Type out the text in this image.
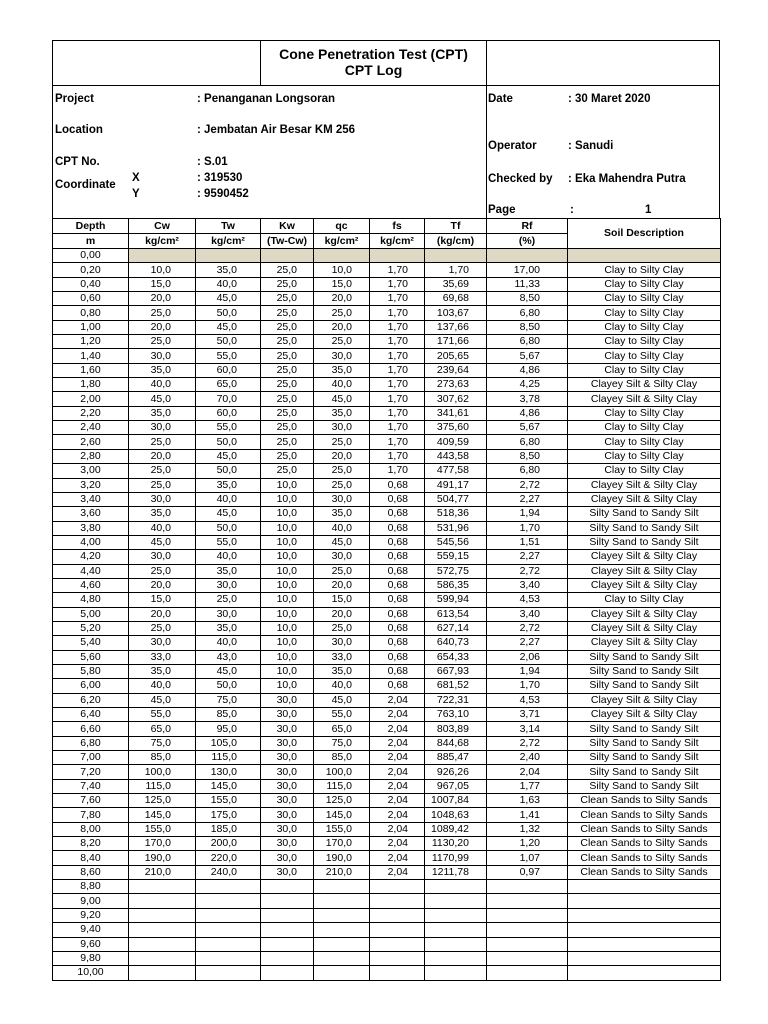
Cone Penetration Test (CPT)
CPT Log
Project	: Penanganan Longsoran
Location	: Jembatan Air Besar KM 256
CPT No.	: S.01
Coordinate
X	: 319530
Y	: 9590452
Date	: 30 Maret 2020
Operator	: Sanudi
Checked by : Eka Mahendra Putra
Page	:	1
Depth	Cw	Tw	Kw	qc	fs	Tf	Rf	Soil Description
m	kg/cm²	kg/cm²	(Tw-Cw)	kg/cm²	kg/cm²	(kg/cm)	(%)	
0,00								
0,20	10,0	35,0	25,0	10,0	1,70	1,70	17,00	Clay to Silty Clay
0,40	15,0	40,0	25,0	15,0	1,70	35,69	11,33	Clay to Silty Clay
0,60	20,0	45,0	25,0	20,0	1,70	69,68	8,50	Clay to Silty Clay
0,80	25,0	50,0	25,0	25,0	1,70	103,67	6,80	Clay to Silty Clay
1,00	20,0	45,0	25,0	20,0	1,70	137,66	8,50	Clay to Silty Clay
1,20	25,0	50,0	25,0	25,0	1,70	171,66	6,80	Clay to Silty Clay
1,40	30,0	55,0	25,0	30,0	1,70	205,65	5,67	Clay to Silty Clay
1,60	35,0	60,0	25,0	35,0	1,70	239,64	4,86	Clay to Silty Clay
1,80	40,0	65,0	25,0	40,0	1,70	273,63	4,25	Clayey Silt & Silty Clay
2,00	45,0	70,0	25,0	45,0	1,70	307,62	3,78	Clayey Silt & Silty Clay
2,20	35,0	60,0	25,0	35,0	1,70	341,61	4,86	Clay to Silty Clay
2,40	30,0	55,0	25,0	30,0	1,70	375,60	5,67	Clay to Silty Clay
2,60	25,0	50,0	25,0	25,0	1,70	409,59	6,80	Clay to Silty Clay
2,80	20,0	45,0	25,0	20,0	1,70	443,58	8,50	Clay to Silty Clay
3,00	25,0	50,0	25,0	25,0	1,70	477,58	6,80	Clay to Silty Clay
3,20	25,0	35,0	10,0	25,0	0,68	491,17	2,72	Clayey Silt & Silty Clay
3,40	30,0	40,0	10,0	30,0	0,68	504,77	2,27	Clayey Silt & Silty Clay
3,60	35,0	45,0	10,0	35,0	0,68	518,36	1,94	Silty Sand to Sandy Silt
3,80	40,0	50,0	10,0	40,0	0,68	531,96	1,70	Silty Sand to Sandy Silt
4,00	45,0	55,0	10,0	45,0	0,68	545,56	1,51	Silty Sand to Sandy Silt
4,20	30,0	40,0	10,0	30,0	0,68	559,15	2,27	Clayey Silt & Silty Clay
4,40	25,0	35,0	10,0	25,0	0,68	572,75	2,72	Clayey Silt & Silty Clay
4,60	20,0	30,0	10,0	20,0	0,68	586,35	3,40	Clayey Silt & Silty Clay
4,80	15,0	25,0	10,0	15,0	0,68	599,94	4,53	Clay to Silty Clay
5,00	20,0	30,0	10,0	20,0	0,68	613,54	3,40	Clayey Silt & Silty Clay
5,20	25,0	35,0	10,0	25,0	0,68	627,14	2,72	Clayey Silt & Silty Clay
5,40	30,0	40,0	10,0	30,0	0,68	640,73	2,27	Clayey Silt & Silty Clay
5,60	33,0	43,0	10,0	33,0	0,68	654,33	2,06	Silty Sand to Sandy Silt
5,80	35,0	45,0	10,0	35,0	0,68	667,93	1,94	Silty Sand to Sandy Silt
6,00	40,0	50,0	10,0	40,0	0,68	681,52	1,70	Silty Sand to Sandy Silt
6,20	45,0	75,0	30,0	45,0	2,04	722,31	4,53	Clayey Silt & Silty Clay
6,40	55,0	85,0	30,0	55,0	2,04	763,10	3,71	Clayey Silt & Silty Clay
6,60	65,0	95,0	30,0	65,0	2,04	803,89	3,14	Silty Sand to Sandy Silt
6,80	75,0	105,0	30,0	75,0	2,04	844,68	2,72	Silty Sand to Sandy Silt
7,00	85,0	115,0	30,0	85,0	2,04	885,47	2,40	Silty Sand to Sandy Silt
7,20	100,0	130,0	30,0	100,0	2,04	926,26	2,04	Silty Sand to Sandy Silt
7,40	115,0	145,0	30,0	115,0	2,04	967,05	1,77	Silty Sand to Sandy Silt
7,60	125,0	155,0	30,0	125,0	2,04	1007,84	1,63	Clean Sands to Silty Sands
7,80	145,0	175,0	30,0	145,0	2,04	1048,63	1,41	Clean Sands to Silty Sands
8,00	155,0	185,0	30,0	155,0	2,04	1089,42	1,32	Clean Sands to Silty Sands
8,20	170,0	200,0	30,0	170,0	2,04	1130,20	1,20	Clean Sands to Silty Sands
8,40	190,0	220,0	30,0	190,0	2,04	1170,99	1,07	Clean Sands to Silty Sands
8,60	210,0	240,0	30,0	210,0	2,04	1211,78	0,97	Clean Sands to Silty Sands
8,80								
9,00								
9,20								
9,40								
9,60								
9,80								
10,00								
